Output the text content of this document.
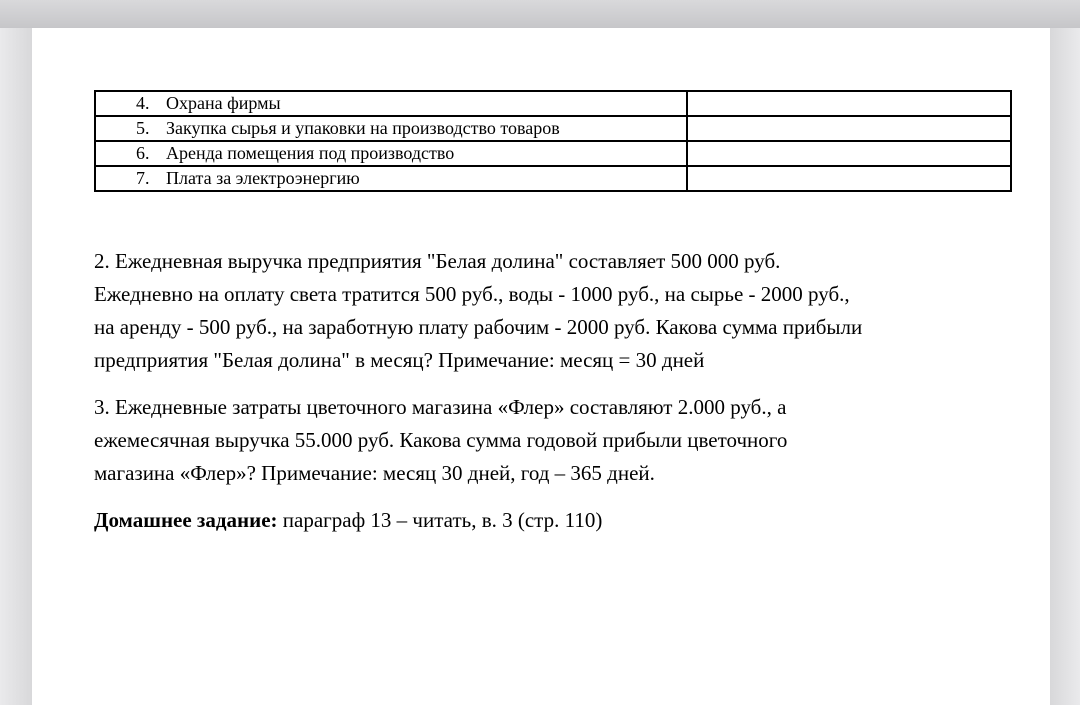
4. Охрана фирмы	
5. Закупка сырья и упаковки на производство товаров	
6. Аренда помещения под производство	
7. Плата за электроэнергию	
2. Ежедневная выручка предприятия "Белая долина" составляет 500 000 руб.
Ежедневно на оплату света тратится 500 руб., воды - 1000 руб., на сырье - 2000 руб.,
на аренду - 500 руб., на заработную плату рабочим - 2000 руб. Какова сумма прибыли
предприятия "Белая долина" в месяц? Примечание: месяц = 30 дней
3. Ежедневные затраты цветочного магазина «Флер» составляют 2.000 руб., а
ежемесячная выручка 55.000 руб. Какова сумма годовой прибыли цветочного
магазина «Флер»? Примечание: месяц 30 дней, год – 365 дней.
Домашнее задание: параграф 13 – читать, в. 3 (стр. 110)
